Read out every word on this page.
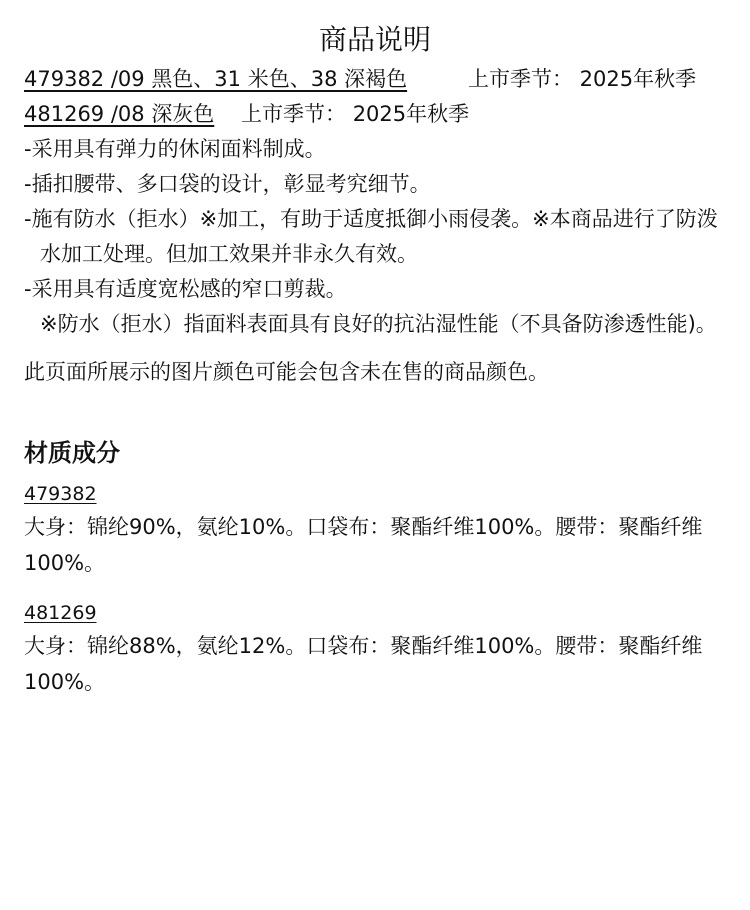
商品说明
479382 /09 黑色、31 米色、38 深褐色	上市季节： 2025年秋季
481269 /08 深灰色 上市季节： 2025年秋季
-采用具有弹力的休闲面料制成。
-插扣腰带、多口袋的设计，彰显考究细节。
-施有防水（拒水）※加工，有助于适度抵御小雨侵袭。※本商品进行了防泼水加工处理。但加工效果并非永久有效。
-采用具有适度宽松感的窄口剪裁。
※防水（拒水）指面料表面具有良好的抗沾湿性能（不具备防渗透性能)。
此页面所展示的图片颜色可能会包含未在售的商品颜色。
材质成分
479382
大身：锦纶90%，氨纶10%。口袋布：聚酯纤维100%。腰带：聚酯纤维100%。
481269
大身：锦纶88%，氨纶12%。口袋布：聚酯纤维100%。腰带：聚酯纤维100%。
